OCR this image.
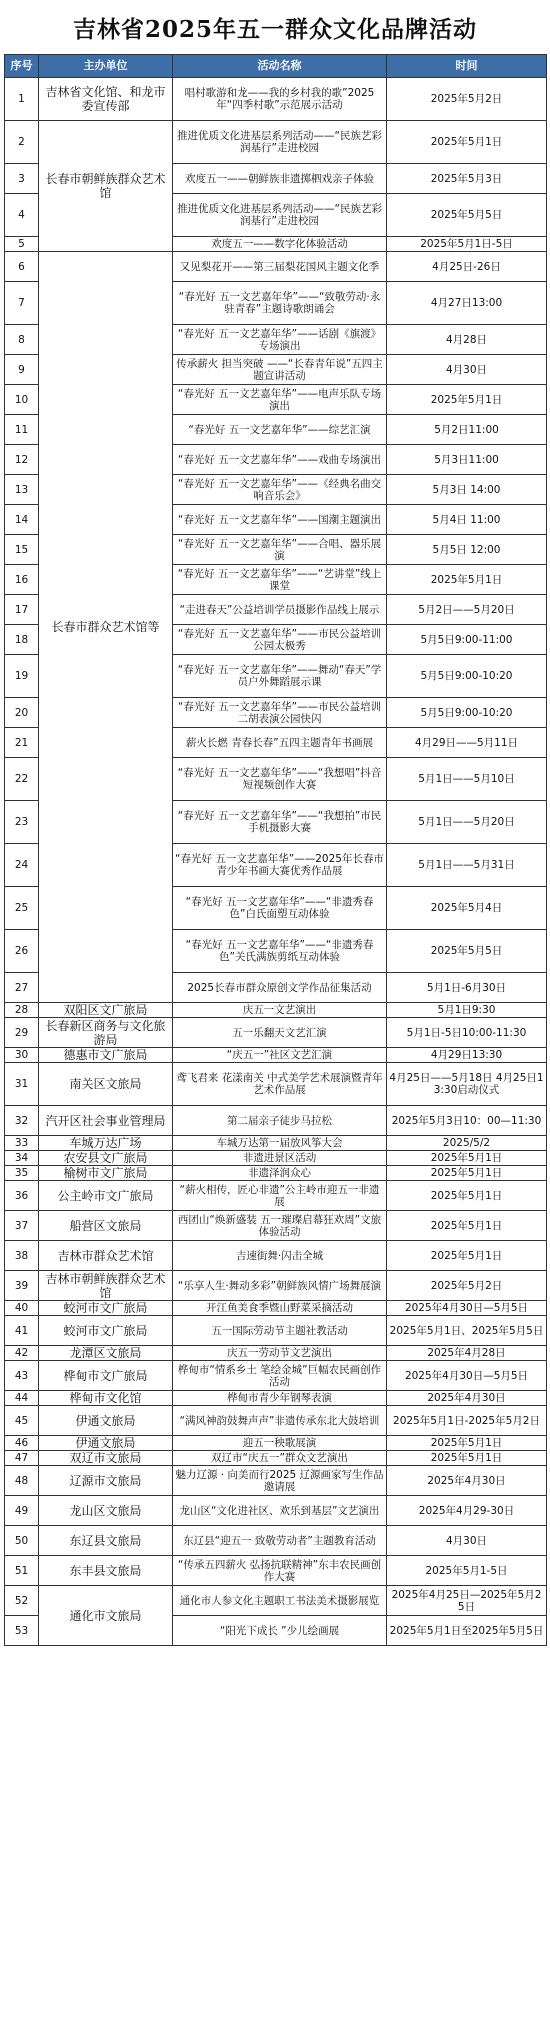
吉林省2025年五一群众文化品牌活动
序号	主办单位	活动名称	时间
1	吉林省文化馆、和龙市委宣传部	唱村歌游和龙——我的乡村我的歌”2025年“四季村歌”示范展示活动	2025年5月2日
2	长春市朝鲜族群众艺术馆	推进优质文化进基层系列活动——“民族艺彩润基行”走进校园	2025年5月1日
3		欢度五一——朝鲜族非遗掷柶戏亲子体验	2025年5月3日
4		推进优质文化进基层系列活动——“民族艺彩润基行”走进校园	2025年5月5日
5		欢度五一——数字化体验活动	2025年5月1日-5日
6	长春市群众艺术馆等	又见梨花开——第三届梨花国风主题文化季	4月25日-26日
7		“春光好 五一文艺嘉年华”——“致敬劳动·永驻青春”主题诗歌朗诵会	4月27日13:00
8		“春光好 五一文艺嘉年华”——话剧《旗渡》专场演出	4月28日
9		传承薪火 担当突破 ——“长春青年说”五四主题宣讲活动	4月30日
10		“春光好 五一文艺嘉年华”——电声乐队专场演出	2025年5月1日
11		“春光好 五一文艺嘉年华”——综艺汇演	5月2日11:00
12		“春光好 五一文艺嘉年华”——戏曲专场演出	5月3日11:00
13		“春光好 五一文艺嘉年华”——《经典名曲交响音乐会》	5月3日 14:00
14		“春光好 五一文艺嘉年华”——国潮主题演出	5月4日 11:00
15		“春光好 五一文艺嘉年华”——合唱、器乐展演	5月5日 12:00
16		“春光好 五一文艺嘉年华”——“艺讲堂”线上课堂	2025年5月1日
17		“走进春天”公益培训学员摄影作品线上展示	5月2日——5月20日
18		“春光好 五一文艺嘉年华”——市民公益培训公园太极秀	5月5日9:00-11:00
19		“春光好 五一文艺嘉年华”——舞动“春天”学员户外舞蹈展示课	5月5日9:00-10:20
20		“春光好 五一文艺嘉年华”——市民公益培训二胡表演公园快闪	5月5日9:00-10:20
21		薪火长燃 青春长春”五四主题青年书画展	4月29日——5月11日
22		“春光好 五一文艺嘉年华”——“我想唱”抖音短视频创作大赛	5月1日——5月10日
23		“春光好 五一文艺嘉年华”——“我想拍”市民手机摄影大赛	5月1日——5月20日
24		“春光好 五一文艺嘉年华”——2025年长春市青少年书画大赛优秀作品展	5月1日——5月31日
25		“春光好 五一文艺嘉年华”——“非遗秀春色”白氏面塑互动体验	2025年5月4日
26		“春光好 五一文艺嘉年华”——“非遗秀春色”关氏满族剪纸互动体验	2025年5月5日
27		2025长春市群众原创文学作品征集活动	5月1日-6月30日
28	双阳区文广旅局	庆五一文艺演出	5月1日9:30
29	长春新区商务与文化旅游局	五一乐翻天文艺汇演	5月1日-5日10:00-11:30
30	德惠市文广旅局	“庆五一”社区文艺汇演	4月29日13:30
31	南关区文旅局	鸢飞君来 花漾南关 中式美学艺术展演暨青年艺术作品展	4月25日——5月18日 4月25日13:30启动仪式
32	汽开区社会事业管理局	第二届亲子徒步马拉松	2025年5月3日10：00—11:30
33	车城万达广场	车城万达第一届放风筝大会	2025/5/2
34	农安县文广旅局	非遗进景区活动	2025年5月1日
35	榆树市文广旅局	非遗泽润众心	2025年5月1日
36	公主岭市文广旅局	“薪火相传，匠心非遗”公主岭市迎五一非遗展	2025年5月1日
37	船营区文旅局	西团山“焕新盛装 五一璀璨启幕狂欢周”文旅体验活动	2025年5月1日
38	吉林市群众艺术馆	吉速街舞·闪击全城	2025年5月1日
39	吉林市朝鲜族群众艺术馆	“乐享人生·舞动多彩”朝鲜族风情广场舞展演	2025年5月2日
40	蛟河市文广旅局	开江鱼美食季暨山野菜采摘活动	2025年4月30日—5月5日
41	蛟河市文广旅局	五一国际劳动节主题社教活动	2025年5月1日、2025年5月5日
42	龙潭区文旅局	庆五一劳动节文艺演出	2025年4月28日
43	桦甸市文广旅局	桦甸市“情系乡土 笔绘金城”巨幅农民画创作活动	2025年4月30日—5月5日
44	桦甸市文化馆	桦甸市青少年钢琴表演	2025年4月30日
45	伊通文旅局	“满风神韵鼓舞声声”非遗传承东北大鼓培训	2025年5月1日-2025年5月2日
46	伊通文旅局	迎五一秧歌展演	2025年5月1日
47	双辽市文旅局	双辽市“庆五一”群众文艺演出	2025年5月1日
48	辽源市文旅局	魅力辽源 · 向美而行2025 辽源画家写生作品邀请展	2025年4月30日
49	龙山区文旅局	龙山区“文化进社区、欢乐到基层”文艺演出	2025年4月29-30日
50	东辽县文旅局	东辽县“迎五一 致敬劳动者”主题教育活动	4月30日
51	东丰县文旅局	“传承五四薪火 弘扬抗联精神”东丰农民画创作大赛	2025年5月1-5日
52	通化市文旅局	通化市人参文化主题职工书法美术摄影展览	2025年4月25日—2025年5月25日
53		“阳光下成长 ”少儿绘画展	2025年5月1日至2025年5月5日
